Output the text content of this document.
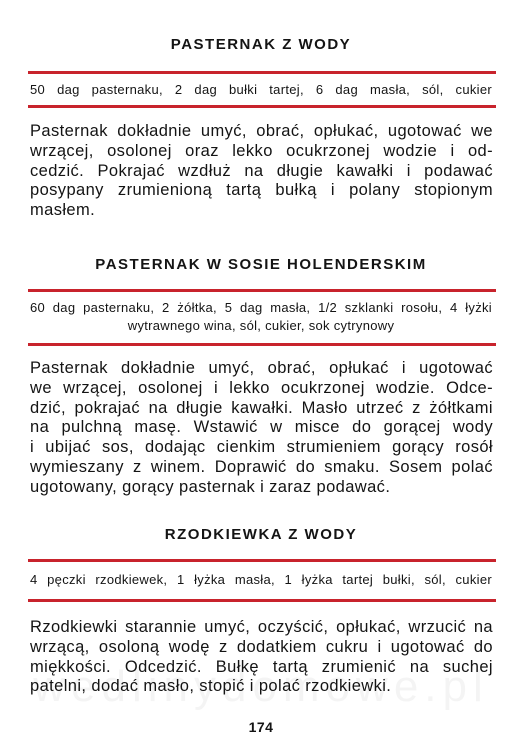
PASTERNAK Z WODY
50 dag pasternaku, 2 dag bułki tartej, 6 dag masła, sól, cukier
Pasternak dokładnie umyć, obrać, opłukać, ugotować we
wrzącej, osolonej oraz lekko ocukrzonej wodzie i od-
cedzić. Pokrajać wzdłuż na długie kawałki i podawać
posypany zrumienioną tartą bułką i polany stopionym
masłem.
PASTERNAK W SOSIE HOLENDERSKIM
60 dag pasternaku, 2 żółtka, 5 dag masła, 1/2 szklanki rosołu, 4 łyżki
wytrawnego wina, sól, cukier, sok cytrynowy
Pasternak dokładnie umyć, obrać, opłukać i ugotować
we wrzącej, osolonej i lekko ocukrzonej wodzie. Odce-
dzić, pokrajać na długie kawałki. Masło utrzeć z żółtkami
na pulchną masę. Wstawić w misce do gorącej wody
i ubijać sos, dodając cienkim strumieniem gorący rosół
wymieszany z winem. Doprawić do smaku. Sosem polać
ugotowany, gorący pasternak i zaraz podawać.
RZODKIEWKA Z WODY
4 pęczki rzodkiewek, 1 łyżka masła, 1 łyżka tartej bułki, sól, cukier
Rzodkiewki starannie umyć, oczyścić, opłukać, wrzucić na
wrzącą, osoloną wodę z dodatkiem cukru i ugotować do
miękkości. Odcedzić. Bułkę tartą zrumienić na suchej
patelni, dodać masło, stopić i polać rzodkiewki.
174
